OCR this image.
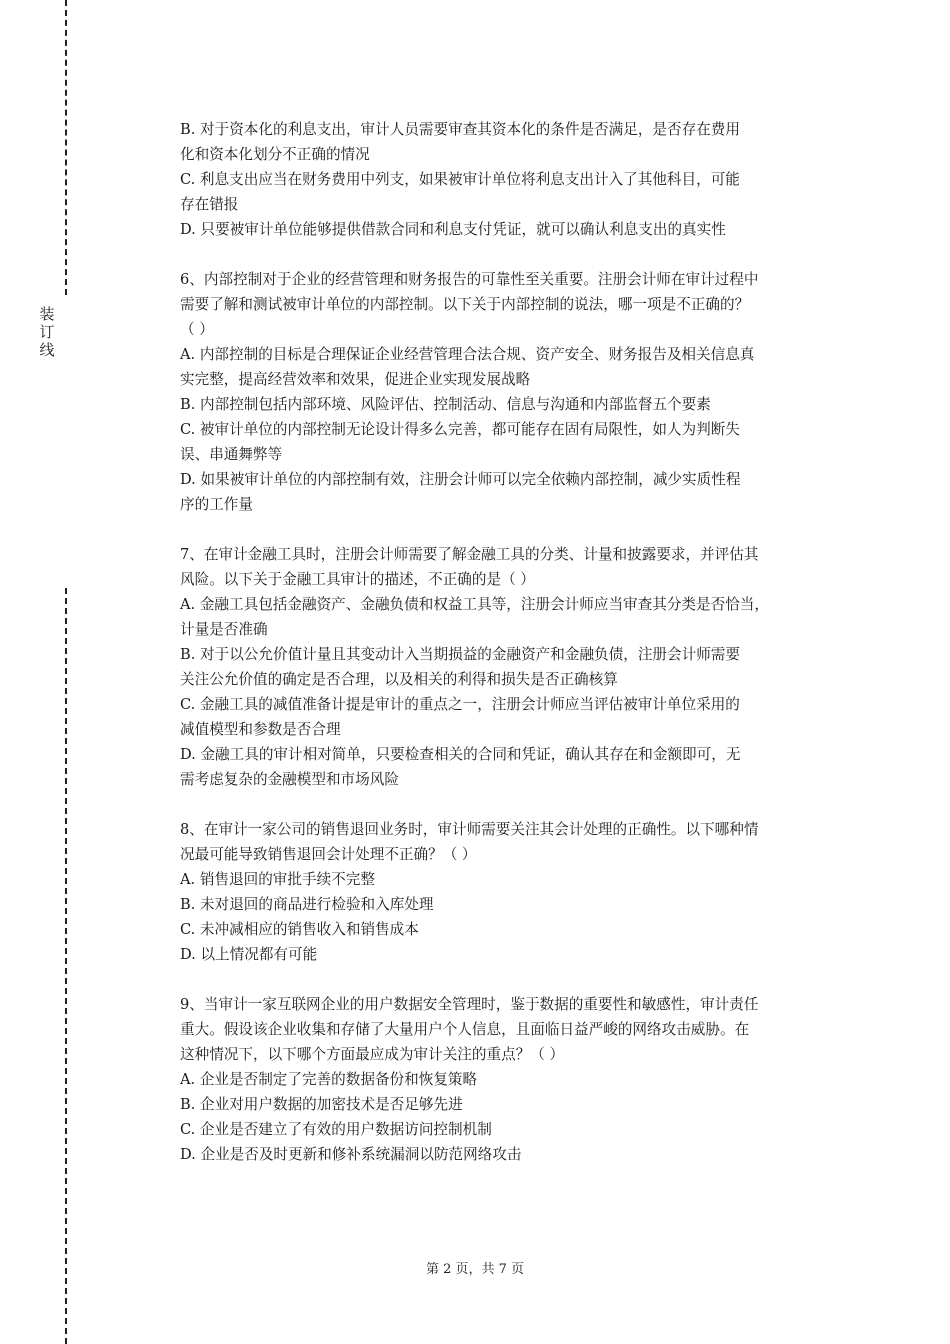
装
订
线
B. 对于资本化的利息支出，审计人员需要审查其资本化的条件是否满足，是否存在费用
化和资本化划分不正确的情况
C. 利息支出应当在财务费用中列支，如果被审计单位将利息支出计入了其他科目，可能
存在错报
D. 只要被审计单位能够提供借款合同和利息支付凭证，就可以确认利息支出的真实性
6、内部控制对于企业的经营管理和财务报告的可靠性至关重要。注册会计师在审计过程中
需要了解和测试被审计单位的内部控制。以下关于内部控制的说法，哪一项是不正确的？
（ ）
A. 内部控制的目标是合理保证企业经营管理合法合规、资产安全、财务报告及相关信息真
实完整，提高经营效率和效果，促进企业实现发展战略
B. 内部控制包括内部环境、风险评估、控制活动、信息与沟通和内部监督五个要素
C. 被审计单位的内部控制无论设计得多么完善，都可能存在固有局限性，如人为判断失
误、串通舞弊等
D. 如果被审计单位的内部控制有效，注册会计师可以完全依赖内部控制，减少实质性程
序的工作量
7、在审计金融工具时，注册会计师需要了解金融工具的分类、计量和披露要求，并评估其
风险。以下关于金融工具审计的描述，不正确的是（ ）
A. 金融工具包括金融资产、金融负债和权益工具等，注册会计师应当审查其分类是否恰当，
计量是否准确
B. 对于以公允价值计量且其变动计入当期损益的金融资产和金融负债，注册会计师需要
关注公允价值的确定是否合理，以及相关的利得和损失是否正确核算
C. 金融工具的减值准备计提是审计的重点之一，注册会计师应当评估被审计单位采用的
减值模型和参数是否合理
D. 金融工具的审计相对简单，只要检查相关的合同和凭证，确认其存在和金额即可，无
需考虑复杂的金融模型和市场风险
8、在审计一家公司的销售退回业务时，审计师需要关注其会计处理的正确性。以下哪种情
况最可能导致销售退回会计处理不正确？（ ）
A. 销售退回的审批手续不完整
B. 未对退回的商品进行检验和入库处理
C. 未冲减相应的销售收入和销售成本
D. 以上情况都有可能
9、当审计一家互联网企业的用户数据安全管理时，鉴于数据的重要性和敏感性，审计责任
重大。假设该企业收集和存储了大量用户个人信息，且面临日益严峻的网络攻击威胁。在
这种情况下，以下哪个方面最应成为审计关注的重点？（ ）
A. 企业是否制定了完善的数据备份和恢复策略
B. 企业对用户数据的加密技术是否足够先进
C. 企业是否建立了有效的用户数据访问控制机制
D. 企业是否及时更新和修补系统漏洞以防范网络攻击
第 2 页，共 7 页
